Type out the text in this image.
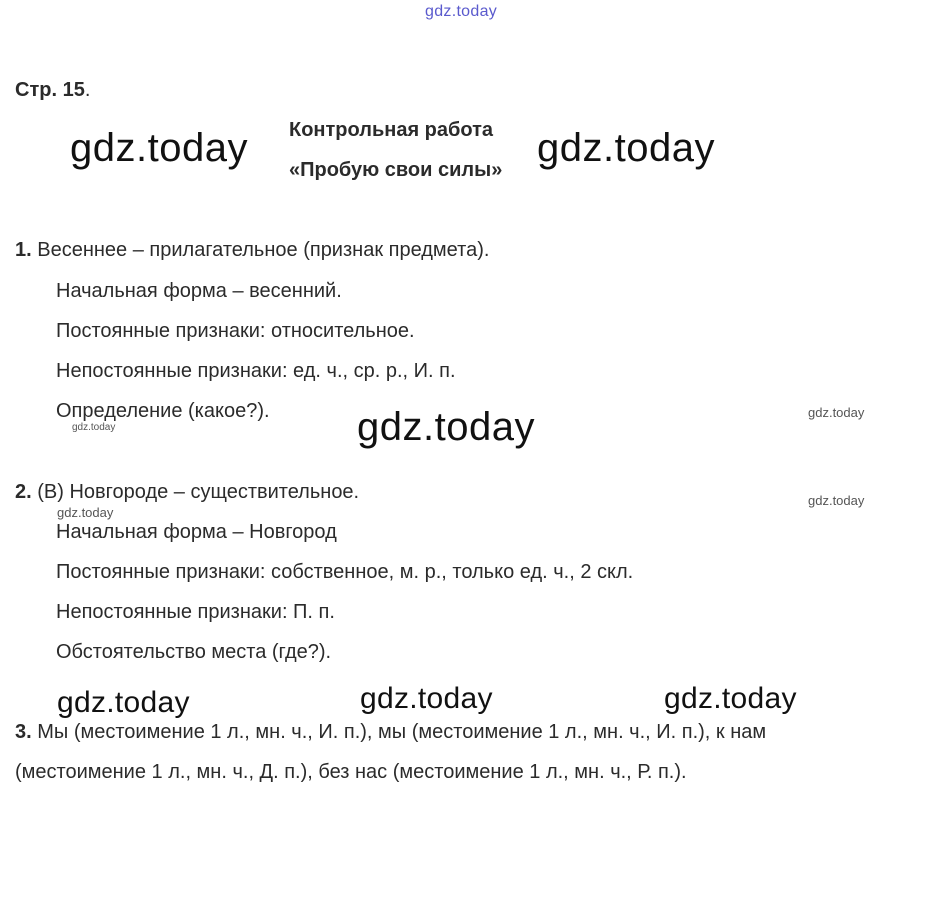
gdz.today
gdz.today	gdz.today
gdz.today
gdz.today
gdz.today
gdz.today
gdz.today
gdz.today	gdz.today	gdz.today
Стр. 15.
Контрольная работа
«Пробую свои силы»
1. Весеннее – прилагательное (признак предмета).
Начальная форма – весенний.
Постоянные признаки: относительное.
Непостоянные признаки: ед. ч., ср. р., И. п.
Определение (какое?).
2. (В) Новгороде – существительное.
Начальная форма – Новгород
Постоянные признаки: собственное, м. р., только ед. ч., 2 скл.
Непостоянные признаки: П. п.
Обстоятельство места (где?).
3. Мы (местоимение 1 л., мн. ч., И. п.), мы (местоимение 1 л., мн. ч., И. п.), к нам
(местоимение 1 л., мн. ч., Д. п.), без нас (местоимение 1 л., мн. ч., Р. п.).
